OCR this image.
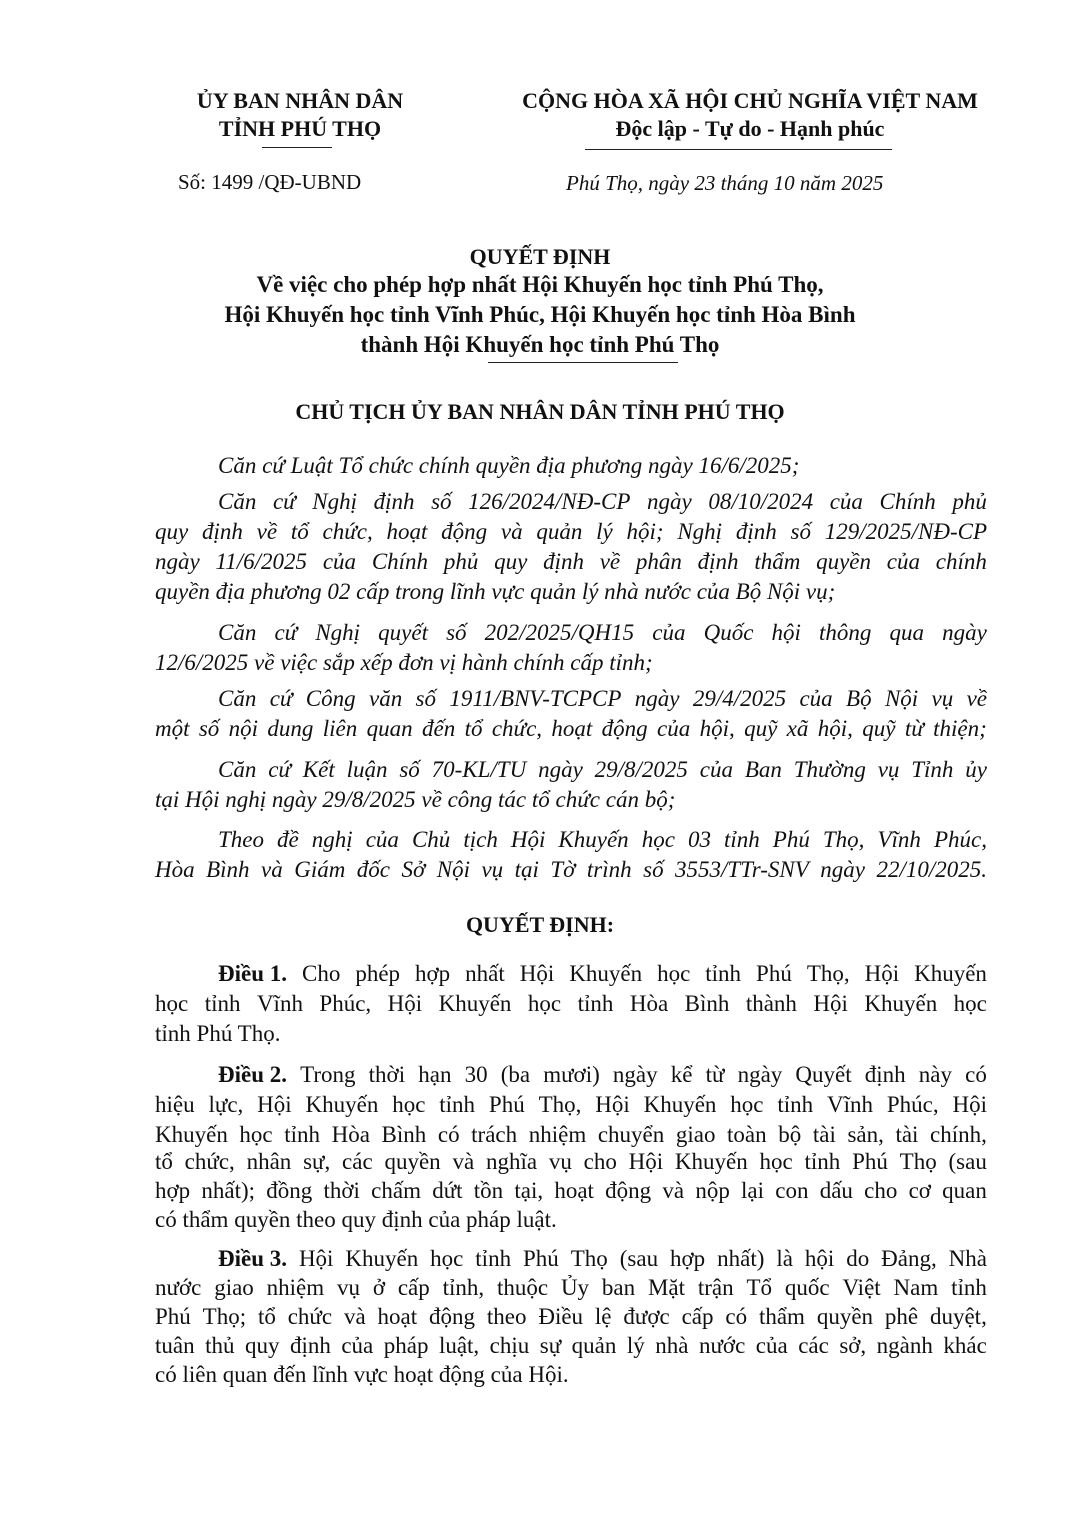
ỦY BAN NHÂN DÂN
TỈNH PHÚ THỌ
CỘNG HÒA XÃ HỘI CHỦ NGHĨA VIỆT NAM
Độc lập - Tự do - Hạnh phúc
Số: 1499 /QĐ-UBND	Phú Thọ, ngày 23 tháng 10 năm 2025
QUYẾT ĐỊNH
Về việc cho phép hợp nhất Hội Khuyến học tỉnh Phú Thọ,
Hội Khuyến học tỉnh Vĩnh Phúc, Hội Khuyến học tỉnh Hòa Bình
thành Hội Khuyến học tỉnh Phú Thọ
CHỦ TỊCH ỦY BAN NHÂN DÂN TỈNH PHÚ THỌ
Căn cứ Luật Tổ chức chính quyền địa phương ngày 16/6/2025;
Căn cứ Nghị định số 126/2024/NĐ-CP ngày 08/10/2024 của Chính phủ
quy định về tổ chức, hoạt động và quản lý hội; Nghị định số 129/2025/NĐ-CP
ngày 11/6/2025 của Chính phủ quy định về phân định thẩm quyền của chính
quyền địa phương 02 cấp trong lĩnh vực quản lý nhà nước của Bộ Nội vụ;
Căn cứ Nghị quyết số 202/2025/QH15 của Quốc hội thông qua ngày
12/6/2025 về việc sắp xếp đơn vị hành chính cấp tỉnh;
Căn cứ Công văn số 1911/BNV-TCPCP ngày 29/4/2025 của Bộ Nội vụ về
một số nội dung liên quan đến tổ chức, hoạt động của hội, quỹ xã hội, quỹ từ thiện;
Căn cứ Kết luận số 70-KL/TU ngày 29/8/2025 của Ban Thường vụ Tỉnh ủy
tại Hội nghị ngày 29/8/2025 về công tác tổ chức cán bộ;
Theo đề nghị của Chủ tịch Hội Khuyến học 03 tỉnh Phú Thọ, Vĩnh Phúc,
Hòa Bình và Giám đốc Sở Nội vụ tại Tờ trình số 3553/TTr-SNV ngày 22/10/2025.
QUYẾT ĐỊNH:
Điều 1. Cho phép hợp nhất Hội Khuyến học tỉnh Phú Thọ, Hội Khuyến
học tỉnh Vĩnh Phúc, Hội Khuyến học tỉnh Hòa Bình thành Hội Khuyến học
tỉnh Phú Thọ.
Điều 2. Trong thời hạn 30 (ba mươi) ngày kể từ ngày Quyết định này có
hiệu lực, Hội Khuyến học tỉnh Phú Thọ, Hội Khuyến học tỉnh Vĩnh Phúc, Hội
Khuyến học tỉnh Hòa Bình có trách nhiệm chuyển giao toàn bộ tài sản, tài chính,
tổ chức, nhân sự, các quyền và nghĩa vụ cho Hội Khuyến học tỉnh Phú Thọ (sau
hợp nhất); đồng thời chấm dứt tồn tại, hoạt động và nộp lại con dấu cho cơ quan
có thẩm quyền theo quy định của pháp luật.
Điều 3. Hội Khuyến học tỉnh Phú Thọ (sau hợp nhất) là hội do Đảng, Nhà
nước giao nhiệm vụ ở cấp tỉnh, thuộc Ủy ban Mặt trận Tổ quốc Việt Nam tỉnh
Phú Thọ; tổ chức và hoạt động theo Điều lệ được cấp có thẩm quyền phê duyệt,
tuân thủ quy định của pháp luật, chịu sự quản lý nhà nước của các sở, ngành khác
có liên quan đến lĩnh vực hoạt động của Hội.
